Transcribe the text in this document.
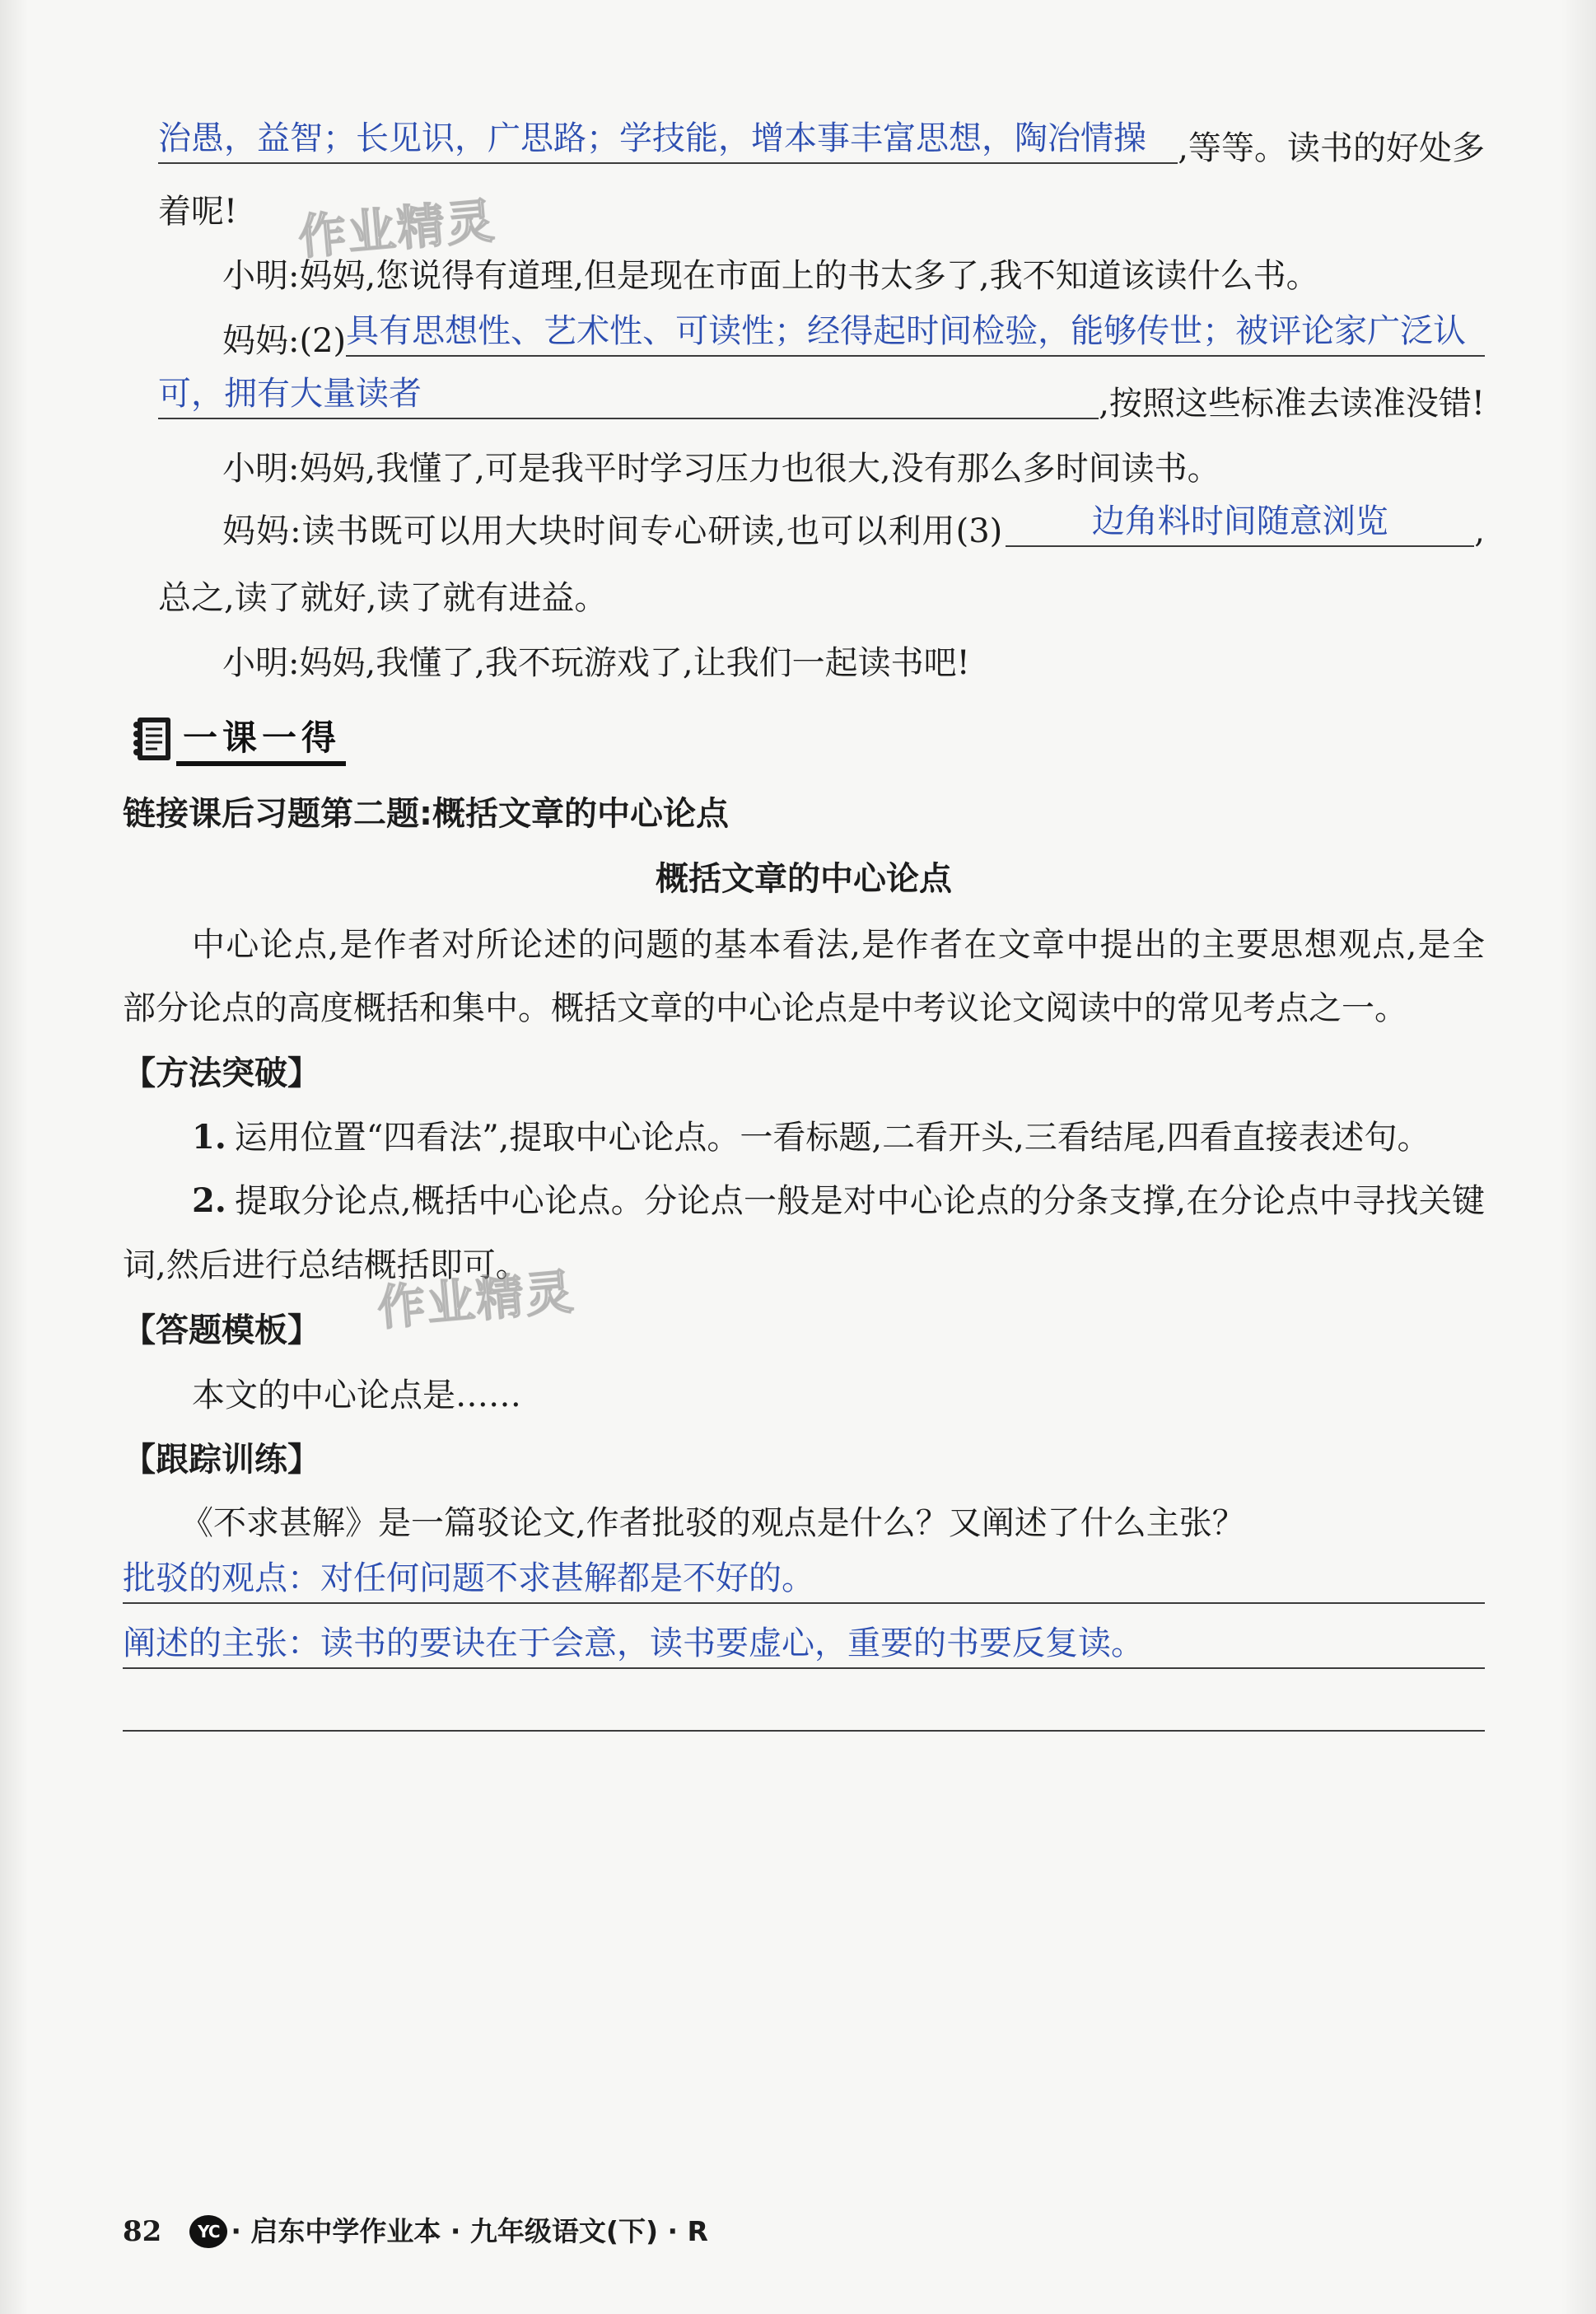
治愚，益智；长见识，广思路；学技能，增本事丰富思想，陶冶情操 ,等等。读书的好处多
着呢!
小明:妈妈,您说得有道理,但是现在市面上的书太多了,我不知道该读什么书。
妈妈:(2) 具有思想性、艺术性、可读性；经得起时间检验，能够传世；被评论家广泛认
可，拥有大量读者	,按照这些标准去读准没错!
小明:妈妈,我懂了,可是我平时学习压力也很大,没有那么多时间读书。
妈妈:读书既可以用大块时间专心研读,也可以利用(3)	边角料时间随意浏览	,
总之,读了就好,读了就有进益。
小明:妈妈,我懂了,我不玩游戏了,让我们一起读书吧!
一课一得
链接课后习题第二题:概括文章的中心论点
概括文章的中心论点
中心论点,是作者对所论述的问题的基本看法,是作者在文章中提出的主要思想观点,是全
部分论点的高度概括和集中。概括文章的中心论点是中考议论文阅读中的常见考点之一。
【方法突破】
1. 运用位置“四看法”,提取中心论点。一看标题,二看开头,三看结尾,四看直接表述句。
2. 提取分论点,概括中心论点。分论点一般是对中心论点的分条支撑,在分论点中寻找关键
词,然后进行总结概括即可。
【答题模板】
本文的中心论点是……
【跟踪训练】
《不求甚解》是一篇驳论文,作者批驳的观点是什么？又阐述了什么主张？
批驳的观点：对任何问题不求甚解都是不好的。
阐述的主张：读书的要诀在于会意，读书要虚心，重要的书要反复读。
作业精灵
作业精灵
82	YC · 启东中学作业本 · 九年级语文(下) · R
